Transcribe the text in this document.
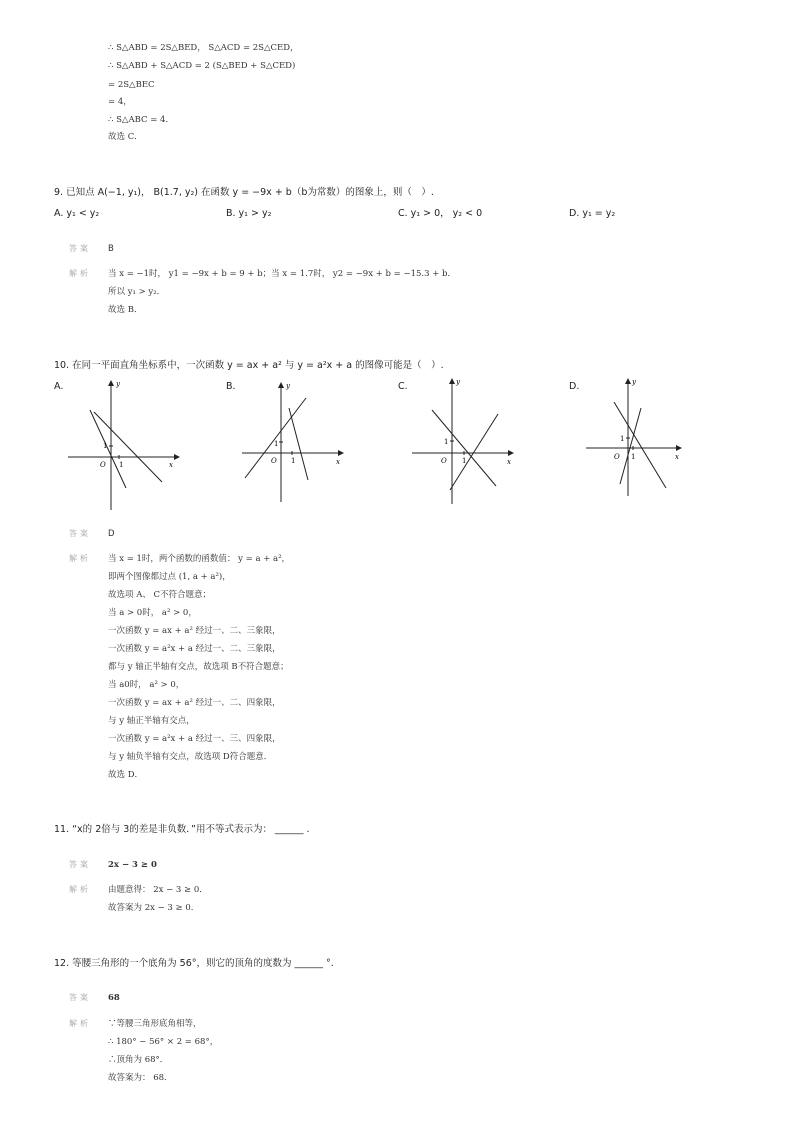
∴ S△ABD = 2S△BED， S△ACD = 2S△CED，
∴ S△ABD + S△ACD = 2 (S△BED + S△CED)
= 2S△BEC
= 4，
∴ S△ABC = 4．
故选 C．
9. 已知点 A(−1, y₁)， B(1.7, y₂) 在函数 y = −9x + b（b为常数）的图象上，则（　）.
A. y₁ < y₂	B. y₁ > y₂	C. y₁ > 0， y₂ < 0	D. y₁ = y₂
答案 B
解析 当 x = −1时， y1 = −9x + b = 9 + b；当 x = 1.7时， y2 = −9x + b = −15.3 + b．
所以 y₁ > y₂．
故选 B．
10. 在同一平面直角坐标系中，一次函数 y = ax + a² 与 y = a²x + a 的图像可能是（　）.
A.	B.	C.	D.
y
x
O
1
1
y
x
O
1
1
y
x
O
1
1
y
x
O
1
1
答案 D
解析 当 x = 1时，两个函数的函数值： y = a + a²，
即两个图像都过点 (1, a + a²)，
故选项 A、 C不符合题意；
当 a > 0时， a² > 0，
一次函数 y = ax + a² 经过一、二、三象限，
一次函数 y = a²x + a 经过一、二、三象限，
都与 y 轴正半轴有交点，故选项 B不符合题意；
当 a0时， a² > 0，
一次函数 y = ax + a² 经过一、二、四象限，
与 y 轴正半轴有交点，
一次函数 y = a²x + a 经过一、三、四象限，
与 y 轴负半轴有交点，故选项 D符合题意．
故选 D．
11. “x的 2倍与 3的差是非负数．”用不等式表示为： ______ .
答案 2x − 3 ≥ 0
解析 由题意得： 2x − 3 ≥ 0．
故答案为 2x − 3 ≥ 0．
12. 等腰三角形的一个底角为 56°，则它的顶角的度数为 ______ °.
答案 68
解析 ∵等腰三角形底角相等，
∴ 180° − 56° × 2 = 68°，
∴顶角为 68°．
故答案为： 68．
